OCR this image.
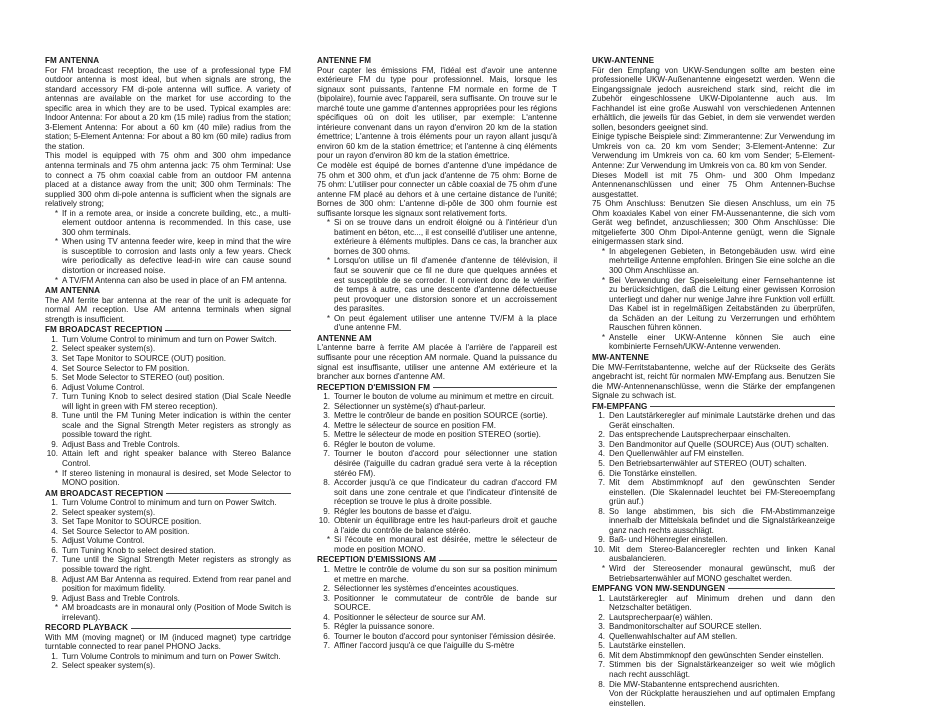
FM ANTENNA

For FM broadcast reception, the use of a professional type FM outdoor antenna is most ideal, but when signals are strong, the standard accessory FM di-pole antenna will suffice. A variety of antennas are available on the market for use according to the specific area in which they are to be used. Typical examples are: Indoor Antenna: For about a 20 km (15 mile) radius from the station; 3-Element Antenna: For about a 60 km (40 mile) radius from the station; 5-Element Antenna: For about a 80 km (60 mile) radius from the station.

This model is equipped with 75 ohm and 300 ohm impedance antenna terminals and 75 ohm antenna jack: 75 ohm Terminal: Use to connect a 75 ohm coaxial cable from an outdoor FM antenna placed at a distance away from the unit; 300 ohm Terminals: The supplied 300 ohm di-pole antenna is sufficient when the signals are relatively strong;

* If in a remote area, or inside a concrete building, etc., a multi-element outdoor antenna is recommended. In this case, use 300 ohm terminals.
* When using TV antenna feeder wire, keep in mind that the wire is susceptible to corrosion and lasts only a few years. Check wire periodically as defective lead-in wire can cause sound distortion or increased noise.
* A TV/FM Antenna can also be used in place of an FM antenna.
AM ANTENNA

The AM ferrite bar antenna at the rear of the unit is adequate for normal AM reception. Use AM antenna terminals when signal strength is insufficient.

FM BROADCAST RECEPTION
1. Turn Volume Control to minimum and turn on Power Switch.
2. Select speaker system(s).
3. Set Tape Monitor to SOURCE (OUT) position.
4. Set Source Selector to FM position.
5. Set Mode Selector to STEREO (out) position.
6. Adjust Volume Control.
7. Turn Tuning Knob to select desired station (Dial Scale Needle will light in green with FM stereo reception).
8. Tune until the FM Tuning Meter indication is within the center scale and the Signal Strength Meter registers as strongly as possible toward the right.
9. Adjust Bass and Treble Controls.
10. Attain left and right speaker balance with Stereo Balance Control.
* If stereo listening in monaural is desired, set Mode Selector to MONO position.
AM BROADCAST RECEPTION
1. Turn Volume Control to minimum and turn on Power Switch.
2. Select speaker system(s).
3. Set Tape Monitor to SOURCE position.
4. Set Source Selector to AM position.
5. Adjust Volume Control.
6. Turn Tuning Knob to select desired station.
7. Tune until the Signal Strength Meter registers as strongly as possible toward the right.
8. Adjust AM Bar Antenna as required. Extend from rear panel and position for maximum fidelity.
9. Adjust Bass and Treble Controls.
* AM broadcasts are in monaural only (Position of Mode Switch is irrelevant).
RECORD PLAYBACK

With MM (moving magnet) or IM (induced magnet) type cartridge turntable connected to rear panel PHONO Jacks.

1. Turn Volume Controls to minimum and turn on Power Switch.
2. Select speaker system(s).
ANTENNE FM

Pour capter les émissions FM, l'idéal est d'avoir une antenne extérieure FM du type pour professionnel. Mais, lorsque les signaux sont puissants, l'antenne FM normale en forme de T (bipolaire), fournie avec l'appareil, sera suffisante. On trouve sur le marché toute une gamme d'antennes appropriées pour les régions spécifiques où on doit les utiliser, par exemple: L'antenne intérieure convenant dans un rayon d'environ 20 km de la station émettrice; L'antenne à trois éléments pour un rayon allant jusqu'à environ 60 km de la station émettrice; et l'antenne à cinq éléments pour un rayon d'environ 80 km de la station émettrice.

Ce modèle est équipé de bornes d'antenne d'une impédance de 75 ohm et 300 ohm, et d'un jack d'antenne de 75 ohm: Borne de 75 ohm: L'utiliser pour connecter un câble coaxial de 75 ohm d'une antenne FM placé au dehors et à une certaine distance de l'unité; Bornes de 300 ohm: L'antenne di-pôle de 300 ohm fournie est suffisante lorsque les signaux sont relativement forts.

* Si on se trouve dans un endroit éloigné ou à l'intérieur d'un batiment en béton, etc..., il est conseillé d'utiliser une antenne, extérieure à éléments multiples. Dans ce cas, la brancher aux bornes de 300 ohms.
* Lorsqu'on utilise un fil d'amenée d'antenne de télévision, il faut se souvenir que ce fil ne dure que quelques années et est susceptible de se corroder. Il convient donc de le vérifier de temps à autre, cas une descente d'antenne défectueuse peut provoquer une distorsion sonore et un accroissement des parasites.
* On peut également utiliser une antenne TV/FM à la place d'une antenne FM.
ANTENNE AM

L'antenne barre à ferrite AM placée à l'arrière de l'appareil est suffisante pour une réception AM normale. Quand la puissance du signal est insuffisante, utiliser une antenne AM extérieure et la brancher aux bornes d'antenne AM.

RECEPTION D'EMISSION FM
1. Tourner le bouton de volume au minimum et mettre en circuit.
2. Sélectionner un système(s) d'haut-parleur.
3. Mettre le contrôleur de bande en position SOURCE (sortie).
4. Mettre le sélecteur de source en position FM.
5. Mettre le sélecteur de mode en position STEREO (sortie).
6. Régler le bouton de volume.
7. Tourner le bouton d'accord pour sélectionner une station désirée (l'aiguille du cadran gradué sera verte à la réception stéréo FM).
8. Accorder jusqu'à ce que l'indicateur du cadran d'accord FM soit dans une zone centrale et que l'indicateur d'intensité de réception se trouve le plus à droite possible.
9. Régler les boutons de basse et d'aigu.
10. Obtenir un équilibrage entre les haut-parleurs droit et gauche à l'aide du contrôle de balance stéréo.
* Si l'écoute en monaural est désirée, mettre le sélecteur de mode en position MONO.
RECEPTION D'EMISSIONS AM
1. Mettre le contrôle de volume du son sur sa position minimum et mettre en marche.
2. Sélectionner les systèmes d'enceintes acoustiques.
3. Positionner le commutateur de contrôle de bande sur SOURCE.
4. Positionner le sélecteur de source sur AM.
5. Régler la puissance sonore.
6. Tourner le bouton d'accord pour syntoniser l'émission désirée.
7. Affiner l'accord jusqu'à ce que l'aiguille du S-mètre
UKW-ANTENNE

Für den Empfang von UKW-Sendungen sollte am besten eine professionelle UKW-Außenantenne eingesetzt werden. Wenn die Eingangssignale jedoch ausreichend stark sind, reicht die im Zubehör eingeschlossene UKW-Dipolantenne auch aus. Im Fachhandel ist eine große Auswahl von verschiedenen Antennen erhältlich, die jeweils für das Gebiet, in dem sie verwendet werden sollen, besonders geeignet sind.

Einige typische Beispiele sind: Zimmerantenne: Zur Verwendung im Umkreis von ca. 20 km vom Sender; 3-Element-Antenne: Zur Verwendung im Umkreis von ca. 60 km vom Sender; 5-Element-Antenne: Zur Verwendung im Umkreis von ca. 80 km von Sender.

Dieses Modell ist mit 75 Ohm- und 300 Ohm Impedanz Antennenanschlüssen und einer 75 Ohm Antennen-Buchse ausgestattet.

75 Ohm Anschluss: Benutzen Sie diesen Anschluss, um ein 75 Ohm koaxiales Kabel von einer FM-Aussenantenne, die sich vom Gerät weg befindet, anzuschliessen; 300 Ohm Anschlüsse: Die mitgelieferte 300 Ohm Dipol-Antenne genügt, wenn die Signale einigermassen stark sind.

* In abgelegenen Gebieten, in Betongebäuden usw. wird eine mehrteilige Antenne empfohlen. Bringen Sie eine solche an die 300 Ohm Anschlüsse an.
* Bei Verwendung der Speiseleitung einer Fernsehantenne ist zu berücksichtigen, daß die Leitung einer gewissen Korrosion unterliegt und daher nur wenige Jahre ihre Funktion voll erfüllt. Das Kabel ist in regelmäßigen Zeitabständen zu überprüfen, da Schäden an der Leitung zu Verzerrungen und erhöhtem Rauschen führen können.
* Anstelle einer UKW-Antenne können Sie auch eine kombinierte Fernseh/UKW-Antenne verwenden.
MW-ANTENNE

Die MW-Ferritstabantenne, welche auf der Rückseite des Geräts angebracht ist, reicht für normalen MW-Empfang aus. Benutzen Sie die MW-Antennenanschlüsse, wenn die Stärke der empfangenen Signale zu schwach ist.

FM-EMPFANG
1. Den Lautstärkeregler auf minimale Lautstärke drehen und das Gerät einschalten.
2. Das entsprechende Lautsprecherpaar einschalten.
3. Den Bandmonitor auf Quelle (SOURCE) Aus (OUT) schalten.
4. Den Quellenwähler auf FM einstellen.
5. Den Betriebsartenwähler auf STEREO (OUT) schalten.
6. Die Tonstärke einstellen.
7. Mit dem Abstimmknopf auf den gewünschten Sender einstellen. (Die Skalennadel leuchtet bei FM-Stereoempfang grün auf.)
8. So lange abstimmen, bis sich die FM-Abstimmanzeige innerhalb der Mittelskala befindet und die Signalstärkeanzeige ganz nach rechts ausschlägt.
9. Baß- und Höhenregler einstellen.
10. Mit dem Stereo-Balanceregler rechten und linken Kanal ausbalancieren.
* Wird der Stereosender monaural gewünscht, muß der Betriebsartenwähler auf MONO geschaltet werden.
EMPFANG VON MW-SENDUNGEN
1. Lautstärkeregler auf Minimum drehen und dann den Netzschalter betätigen.
2. Lautsprecherpaar(e) wählen.
3. Bandmonitorschalter auf SOURCE stellen.
4. Quellenwahlschalter auf AM stellen.
5. Lautstärke einstellen.
6. Mit dem Abstimmknopf den gewünschten Sender einstellen.
7. Stimmen bis der Signalstärkeanzeiger so weit wie möglich nach recht ausschlägt.
8. Die MW-Stabantenne entsprechend ausrichten.
Von der Rückplatte herausziehen und auf optimalen Empfang einstellen.
